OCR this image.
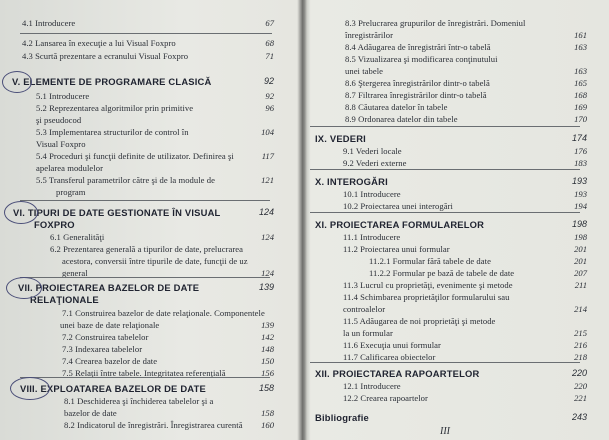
4.1 Introducere	67
4.2 Lansarea în execuţie a lui Visual Foxpro	68
4.3 Scurtă prezentare a ecranului Visual Foxpro	71
V. ELEMENTE DE PROGRAMARE CLASICĂ	92
5.1 Introducere	92
5.2 Reprezentarea algoritmilor prin primitive	96
şi pseudocod
5.3 Implementarea structurilor de control în	104
Visual Foxpro
5.4 Proceduri şi funcţii definite de utilizator. Definirea şi	117
apelarea modulelor
5.5 Transferul parametrilor către şi de la module de	121
program
VI. TIPURI DE DATE GESTIONATE ÎN VISUAL	124
FOXPRO
6.1 Generalităţi	124
6.2 Prezentarea generală a tipurilor de date, prelucrarea
acestora, conversii între tipurile de date, funcţii de uz
general	124
VII. PROIECTAREA BAZELOR DE DATE	139
RELAŢIONALE
7.1 Construirea bazelor de date relaţionale. Componentele
unei baze de date relaţionale	139
7.2 Construirea tabelelor	142
7.3 Indexarea tabelelor	148
7.4 Crearea bazelor de date	150
7.5 Relaţii între tabele. Integritatea referenţială	156
VIII. EXPLOATAREA BAZELOR DE DATE	158
8.1 Deschiderea şi închiderea tabelelor şi a
bazelor de date	158
8.2 Indicatorul de înregistrări. Înregistrarea curentă 160
8.3 Prelucrarea grupurilor de înregistrări. Domeniul
înregistrărilor	161
8.4 Adăugarea de înregistrări într-o tabelă	163
8.5 Vizualizarea şi modificarea conţinutului
unei tabele	163
8.6 Ştergerea înregistrărilor dintr-o tabelă	165
8.7 Filtrarea înregistrărilor dintr-o tabelă	168
8.8 Căutarea datelor în tabele	169
8.9 Ordonarea datelor din tabele	170
IX. VEDERI	174
9.1 Vederi locale	176
9.2 Vederi externe	183
X. INTEROGĂRI	193
10.1 Introducere	193
10.2 Proiectarea unei interogări	194
XI. PROIECTAREA FORMULARELOR	198
11.1 Introducere	198
11.2 Proiectarea unui formular	201
11.2.1 Formular fără tabele de date	201
11.2.2 Formular pe bază de tabele de date	207
11.3 Lucrul cu proprietăţi, evenimente şi metode	211
11.4 Schimbarea proprietăţilor formularului sau
controalelor	214
11.5 Adăugarea de noi proprietăţi şi metode
la un formular	215
11.6 Execuţia unui formular	216
11.7 Calificarea obiectelor	218
XII. PROIECTAREA RAPOARTELOR	220
12.1 Introducere	220
12.2 Crearea rapoartelor	221
Bibliografie	243
III
